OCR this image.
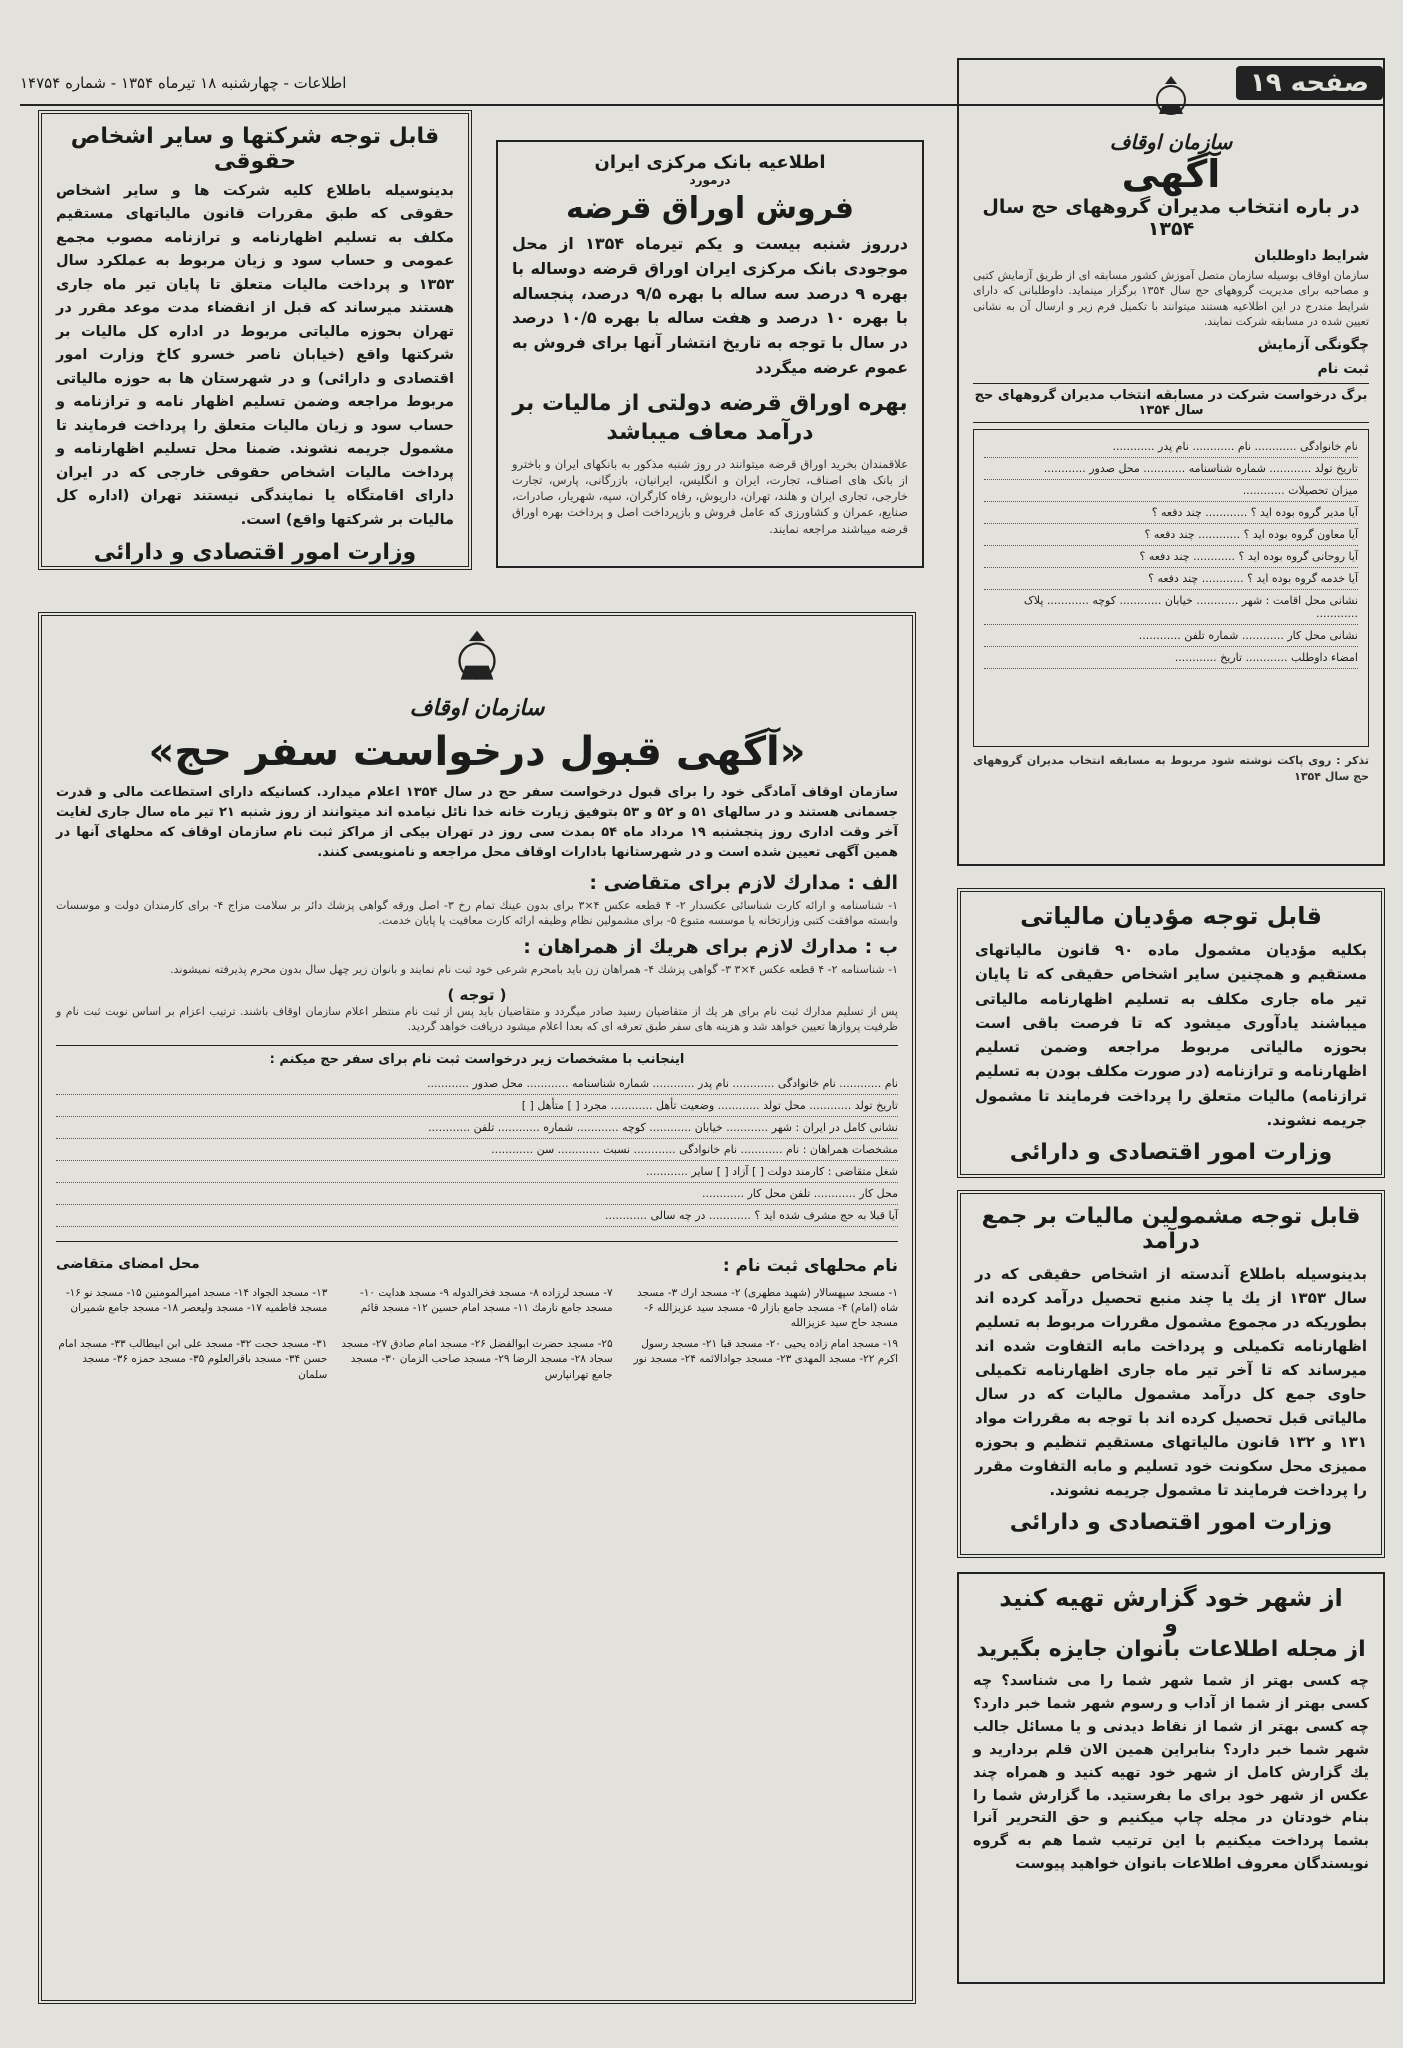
صفحه ۱۹
اطلاعات - چهارشنبه ۱۸ تیرماه ۱۳۵۴ - شماره ۱۴۷۵۴
سازمان اوقاف
آگهی
در باره انتخاب مدیران گروههای حج سال ۱۳۵۴
شرایط داوطلبان
سازمان اوقاف بوسیله سازمان متصل آموزش کشور مسابقه ای از طریق آزمایش کتبی و مصاحبه برای مدیریت گروههای حج سال ۱۳۵۴ برگزار مینماید. داوطلبانی که دارای شرایط مندرج در این اطلاعیه هستند میتوانند با تکمیل فرم زیر و ارسال آن به نشانی تعیین شده در مسابقه شرکت نمایند.
چگونگی آزمایش
ثبت نام
برگ درخواست شرکت در مسابقه انتخاب مدیران گروههای حج سال ۱۳۵۴
نام خانوادگی ............ نام ............ نام پدر ............
تاریخ تولد ............ شماره شناسنامه ............ محل صدور ............
میزان تحصیلات ............
آیا مدیر گروه بوده اید ؟ ............ چند دفعه ؟
آیا معاون گروه بوده اید ؟ ............ چند دفعه ؟
آیا روحانی گروه بوده اید ؟ ............ چند دفعه ؟
آیا خدمه گروه بوده اید ؟ ............ چند دفعه ؟
نشانی محل اقامت : شهر ............ خیابان ............ کوچه ............ پلاک ............
نشانی محل کار ............ شماره تلفن ............
امضاء داوطلب ............ تاریخ ............
تذکر : روی پاکت نوشته شود مربوط به مسابقه انتخاب مدیران گروههای حج سال ۱۳۵۴
اطلاعیه بانک مرکزی ایران
درمورد
فروش اوراق قرضه
درروز شنبه بیست و یکم تیرماه ۱۳۵۴ از محل موجودی بانک مرکزی ایران اوراق قرضه دوساله با بهره ۹ درصد سه ساله با بهره ۹/۵ درصد، پنجساله با بهره ۱۰ درصد و هفت ساله با بهره ۱۰/۵ درصد در سال با توجه به تاریخ انتشار آنها برای فروش به عموم عرضه میگردد
بهره اوراق قرضه دولتی از مالیات بر درآمد معاف میباشد
علاقمندان بخرید اوراق قرضه میتوانند در روز شنبه مذکور به بانکهای ایران و باخترو از بانک های اصناف، تجارت، ایران و انگلیس، ایرانیان، بازرگانی، پارس، تجارت خارجی، تجاری ایران و هلند، تهران، داریوش، رفاه کارگران، سپه، شهریار، صادرات، صنایع، عمران و کشاورزی که عامل فروش و بازپرداخت اصل و پرداخت بهره اوراق قرضه میباشند مراجعه نمایند.
قابل توجه شرکتها و سایر اشخاص حقوقی
بدینوسیله باطلاع کلیه شرکت ها و سایر اشخاص حقوقی که طبق مقررات قانون مالیاتهای مستقیم مکلف به تسلیم اظهارنامه و ترازنامه مصوب مجمع عمومی و حساب سود و زیان مربوط به عملکرد سال ۱۳۵۳ و پرداخت مالیات متعلق تا پایان تیر ماه جاری هستند میرساند که قبل از انقضاء مدت موعد مقرر در تهران بحوزه مالیاتی مربوط در اداره کل مالیات بر شرکتها واقع (خیابان ناصر خسرو کاخ وزارت امور اقتصادی و دارائی) و در شهرستان ها به حوزه مالیاتی مربوط مراجعه وضمن تسلیم اظهار نامه و ترازنامه و حساب سود و زیان مالیات متعلق را پرداخت فرمایند تا مشمول جریمه نشوند. ضمنا محل تسلیم اظهارنامه و پرداخت مالیات اشخاص حقوقی خارجی که در ایران دارای اقامتگاه یا نمایندگی نیستند تهران (اداره کل مالیات بر شرکتها واقع) است.
وزارت امور اقتصادی و دارائی
قابل توجه مؤدیان مالیاتی
بکلیه مؤدیان مشمول ماده ۹۰ قانون مالیاتهای مستقیم و همچنین سایر اشخاص حقیقی که تا پایان تیر ماه جاری مکلف به تسلیم اظهارنامه مالیاتی میباشند یادآوری میشود که تا فرصت باقی است بحوزه مالیاتی مربوط مراجعه وضمن تسلیم اظهارنامه و ترازنامه (در صورت مکلف بودن به تسلیم ترازنامه) مالیات متعلق را پرداخت فرمایند تا مشمول جریمه نشوند.
وزارت امور اقتصادی و دارائی
قابل توجه مشمولین مالیات بر جمع درآمد
بدینوسیله باطلاع آندسته از اشخاص حقیقی که در سال ۱۳۵۳ از یك یا چند منبع تحصیل درآمد کرده اند بطوریکه در مجموع مشمول مقررات مربوط به تسلیم اظهارنامه تکمیلی و پرداخت مابه التفاوت شده اند میرساند که تا آخر تیر ماه جاری اظهارنامه تکمیلی حاوی جمع کل درآمد مشمول مالیات که در سال مالیاتی قبل تحصیل کرده اند با توجه به مقررات مواد ۱۳۱ و ۱۳۲ قانون مالیاتهای مستقیم تنظیم و بحوزه ممیزی محل سکونت خود تسلیم و مابه التفاوت مقرر را پرداخت فرمایند تا مشمول جریمه نشوند.
وزارت امور اقتصادی و دارائی
از شهر خود گزارش تهیه کنید
و
از مجله اطلاعات بانوان جایزه بگیرید
چه کسی بهتر از شما شهر شما را می شناسد؟ چه کسی بهتر از شما از آداب و رسوم شهر شما خبر دارد؟ چه کسی بهتر از شما از نقاط دیدنی و یا مسائل جالب شهر شما خبر دارد؟ بنابراین همین الان قلم بردارید و یك گزارش کامل از شهر خود تهیه کنید و همراه چند عکس از شهر خود برای ما بفرستید. ما گزارش شما را بنام خودتان در مجله چاپ میکنیم و حق التحریر آنرا بشما پرداخت میکنیم با این ترتیب شما هم به گروه نویسندگان معروف اطلاعات بانوان خواهید پیوست
سازمان اوقاف
«آگهی قبول درخواست سفر حج»
سازمان اوقاف آمادگی خود را برای قبول درخواست سفر حج در سال ۱۳۵۴ اعلام میدارد. کسانیکه دارای استطاعت مالی و قدرت جسمانی هستند و در سالهای ۵۱ و ۵۲ و ۵۳ بتوفیق زیارت خانه خدا نائل نیامده اند میتوانند از روز شنبه ۲۱ تیر ماه سال جاری لغایت آخر وقت اداری روز پنجشنبه ۱۹ مرداد ماه ۵۴ بمدت سی روز در تهران بیکی از مراکز ثبت نام سازمان اوقاف که محلهای آنها در همین آگهی تعیین شده است و در شهرستانها بادارات اوقاف محل مراجعه و نامنویسی کنند.
الف : مدارك لازم برای متقاضی :
۱- شناسنامه و ارائه کارت شناسائی عکسدار ۲- ۴ قطعه عکس ۴×۳ برای بدون عینك تمام رخ ۳- اصل ورقه گواهی پزشك دائر بر سلامت مزاج ۴- برای کارمندان دولت و موسسات وابسته موافقت کتبی وزارتخانه یا موسسه متبوع ۵- برای مشمولین نظام وظیفه ارائه کارت معافیت یا پایان خدمت.
ب : مدارك لازم برای هریك از همراهان :
۱- شناسنامه ۲- ۴ قطعه عکس ۴×۳ ۳- گواهی پزشك ۴- همراهان زن باید بامحرم شرعی خود ثبت نام نمایند و بانوان زیر چهل سال بدون محرم پذیرفته نمیشوند.
( توجه )
پس از تسلیم مدارك ثبت نام برای هر یك از متقاضیان رسید صادر میگردد و متقاضیان باید پس از ثبت نام منتظر اعلام سازمان اوقاف باشند. ترتیب اعزام بر اساس نوبت ثبت نام و ظرفیت پروازها تعیین خواهد شد و هزینه های سفر طبق تعرفه ای که بعدا اعلام میشود دریافت خواهد گردید.
اینجانب با مشخصات زیر درخواست ثبت نام برای سفر حج میکنم :
نام ............ نام خانوادگی ............ نام پدر ............ شماره شناسنامه ............ محل صدور ............
تاریخ تولد ............ محل تولد ............ وضعیت تأهل ............ مجرد [ ] متأهل [ ]
نشانی کامل در ایران : شهر ............ خیابان ............ کوچه ............ شماره ............ تلفن ............
مشخصات همراهان : نام ............ نام خانوادگی ............ نسبت ............ سن ............
شغل متقاضی : کارمند دولت [ ] آزاد [ ] سایر ............
محل کار ............ تلفن محل کار ............
آیا قبلا به حج مشرف شده اید ؟ ............ در چه سالی ............
نام محلهای ثبت نام :
محل امضای متقاضی
۱- مسجد سپهسالار (شهید مطهری) ۲- مسجد ارك ۳- مسجد شاه (امام) ۴- مسجد جامع بازار ۵- مسجد سید عزیزالله ۶- مسجد حاج سید عزیزالله
۷- مسجد لرزاده ۸- مسجد فخرالدوله ۹- مسجد هدایت ۱۰- مسجد جامع نارمك ۱۱- مسجد امام حسین ۱۲- مسجد قائم
۱۳- مسجد الجواد ۱۴- مسجد امیرالمومنین ۱۵- مسجد نو ۱۶- مسجد فاطمیه ۱۷- مسجد ولیعصر ۱۸- مسجد جامع شمیران
۱۹- مسجد امام زاده یحیی ۲۰- مسجد قبا ۲۱- مسجد رسول اکرم ۲۲- مسجد المهدی ۲۳- مسجد جوادالائمه ۲۴- مسجد نور
۲۵- مسجد حضرت ابوالفضل ۲۶- مسجد امام صادق ۲۷- مسجد سجاد ۲۸- مسجد الرضا ۲۹- مسجد صاحب الزمان ۳۰- مسجد جامع تهرانپارس
۳۱- مسجد حجت ۳۲- مسجد علی ابن ابیطالب ۳۳- مسجد امام حسن ۳۴- مسجد باقرالعلوم ۳۵- مسجد حمزه ۳۶- مسجد سلمان
